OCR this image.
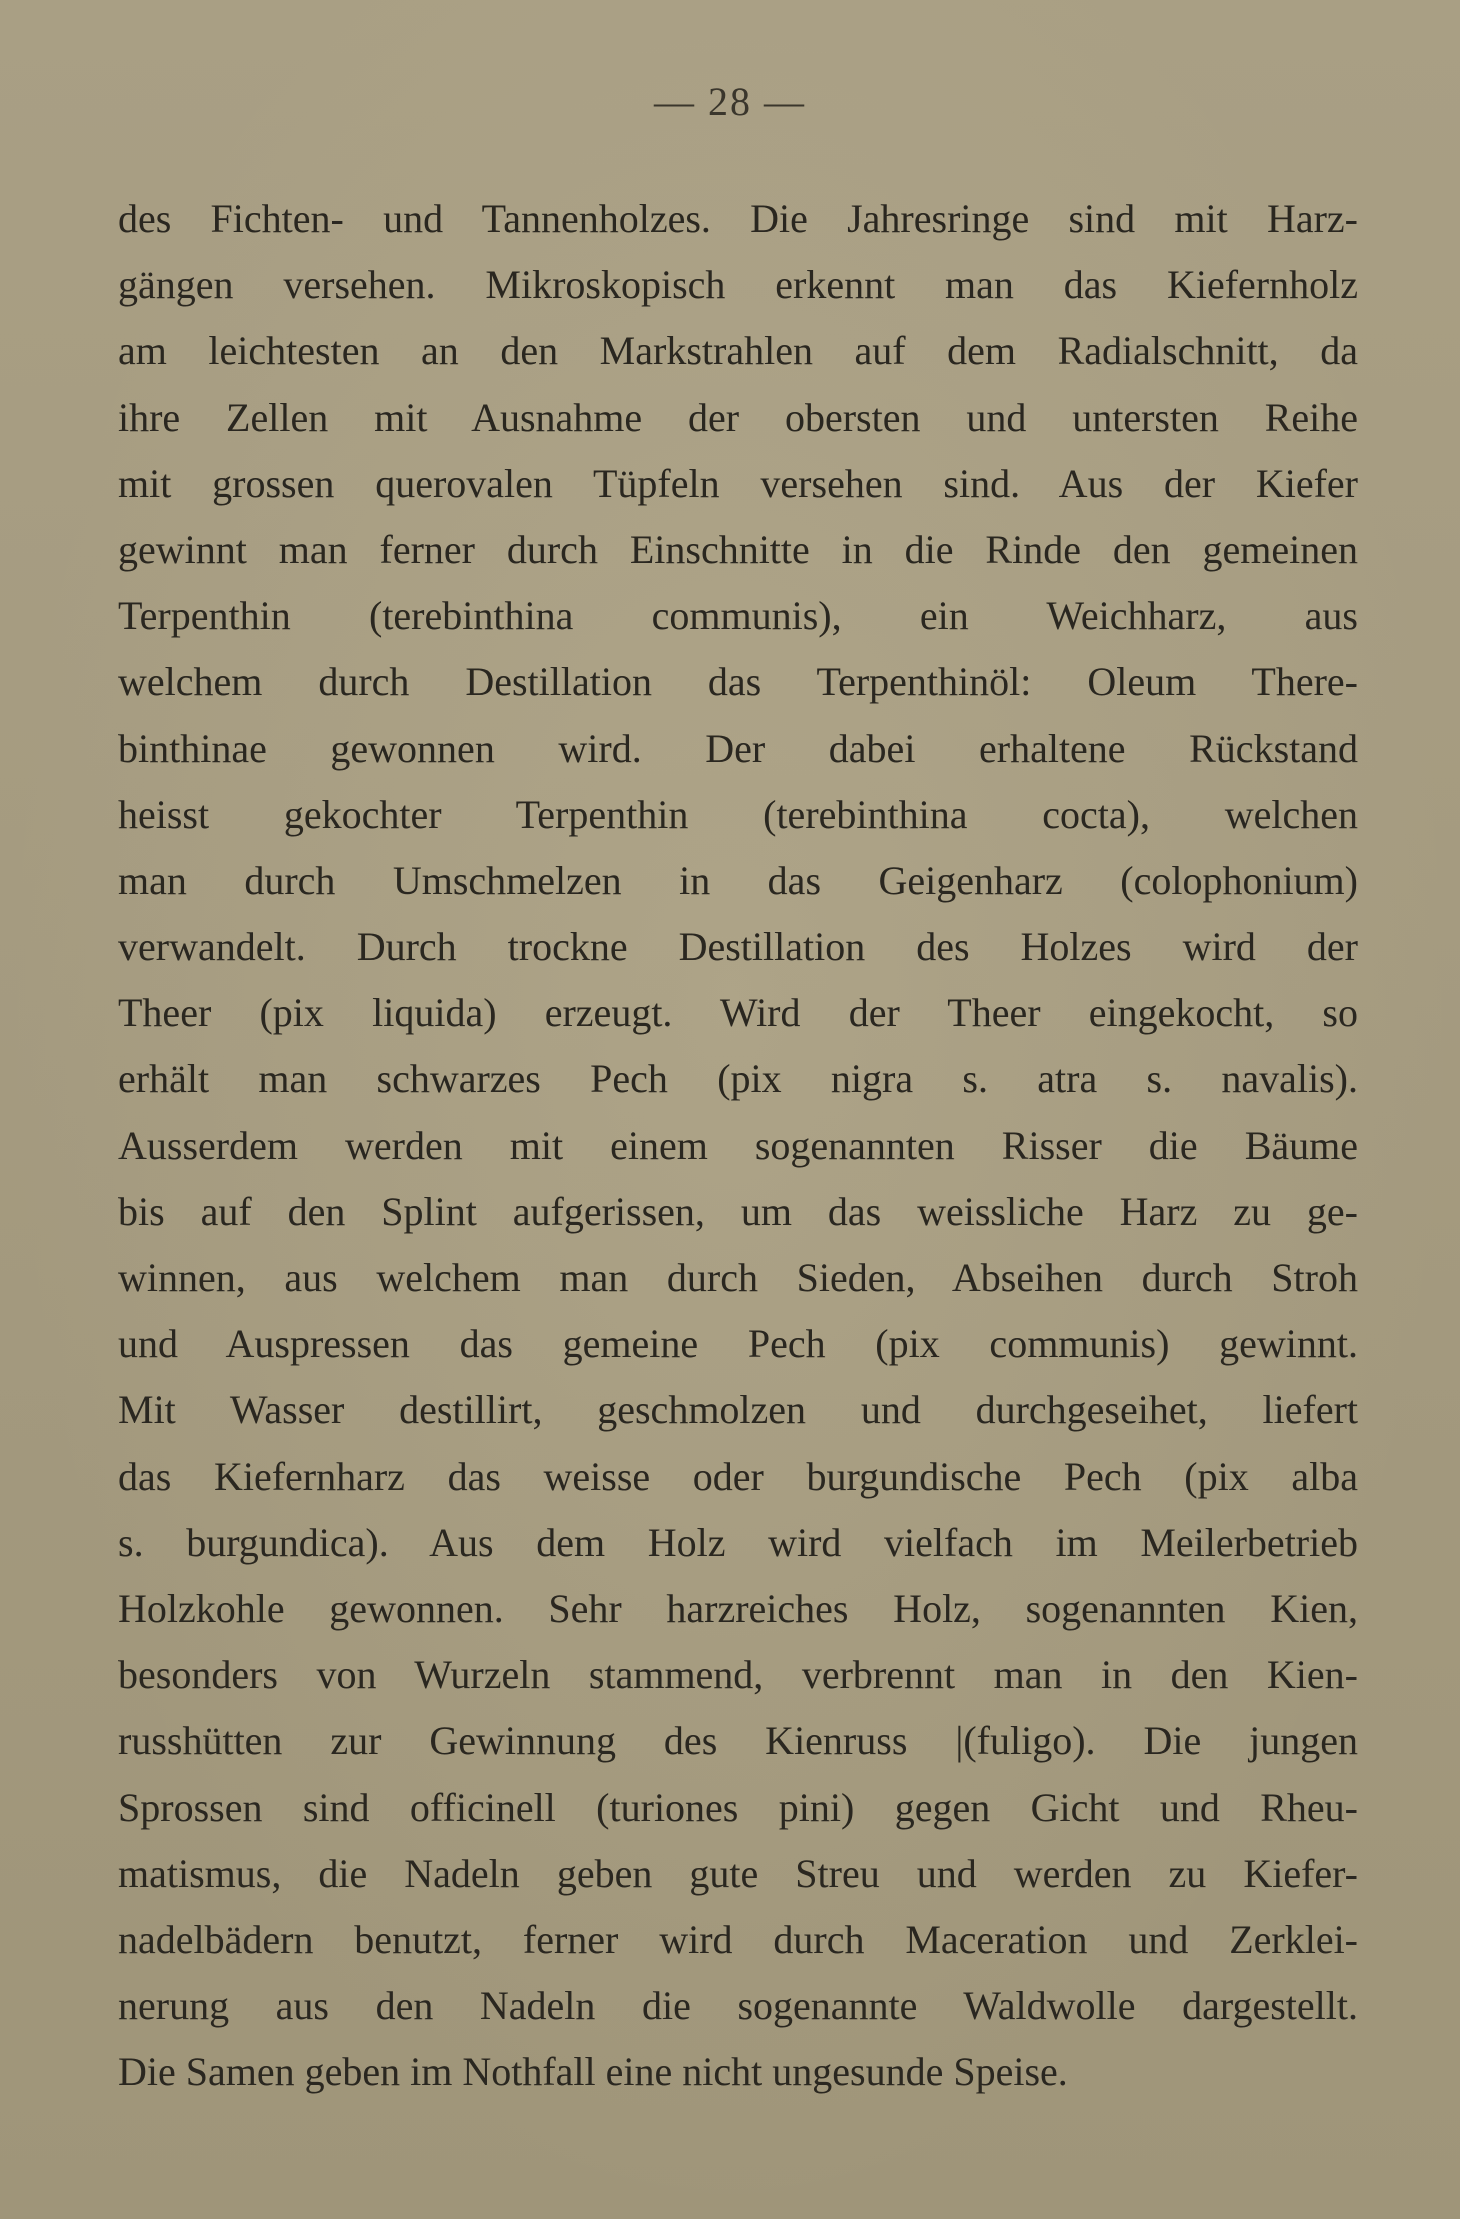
— 28 —
des Fichten- und Tannenholzes. Die Jahresringe sind mit Harz-
gängen versehen. Mikroskopisch erkennt man das Kiefernholz
am leichtesten an den Markstrahlen auf dem Radialschnitt, da
ihre Zellen mit Ausnahme der obersten und untersten Reihe
mit grossen querovalen Tüpfeln versehen sind. Aus der Kiefer
gewinnt man ferner durch Einschnitte in die Rinde den gemeinen
Terpenthin (terebinthina communis), ein Weichharz, aus
welchem durch Destillation das Terpenthinöl: Oleum There-
binthinae gewonnen wird. Der dabei erhaltene Rückstand
heisst gekochter Terpenthin (terebinthina cocta), welchen
man durch Umschmelzen in das Geigenharz (colophonium)
verwandelt. Durch trockne Destillation des Holzes wird der
Theer (pix liquida) erzeugt. Wird der Theer eingekocht, so
erhält man schwarzes Pech (pix nigra s. atra s. navalis).
Ausserdem werden mit einem sogenannten Risser die Bäume
bis auf den Splint aufgerissen, um das weissliche Harz zu ge-
winnen, aus welchem man durch Sieden, Abseihen durch Stroh
und Auspressen das gemeine Pech (pix communis) gewinnt.
Mit Wasser destillirt, geschmolzen und durchgeseihet, liefert
das Kiefernharz das weisse oder burgundische Pech (pix alba
s. burgundica). Aus dem Holz wird vielfach im Meilerbetrieb
Holzkohle gewonnen. Sehr harzreiches Holz, sogenannten Kien,
besonders von Wurzeln stammend, verbrennt man in den Kien-
russhütten zur Gewinnung des Kienruss |(fuligo). Die jungen
Sprossen sind officinell (turiones pini) gegen Gicht und Rheu-
matismus, die Nadeln geben gute Streu und werden zu Kiefer-
nadelbädern benutzt, ferner wird durch Maceration und Zerklei-
nerung aus den Nadeln die sogenannte Waldwolle dargestellt.
Die Samen geben im Nothfall eine nicht ungesunde Speise.
